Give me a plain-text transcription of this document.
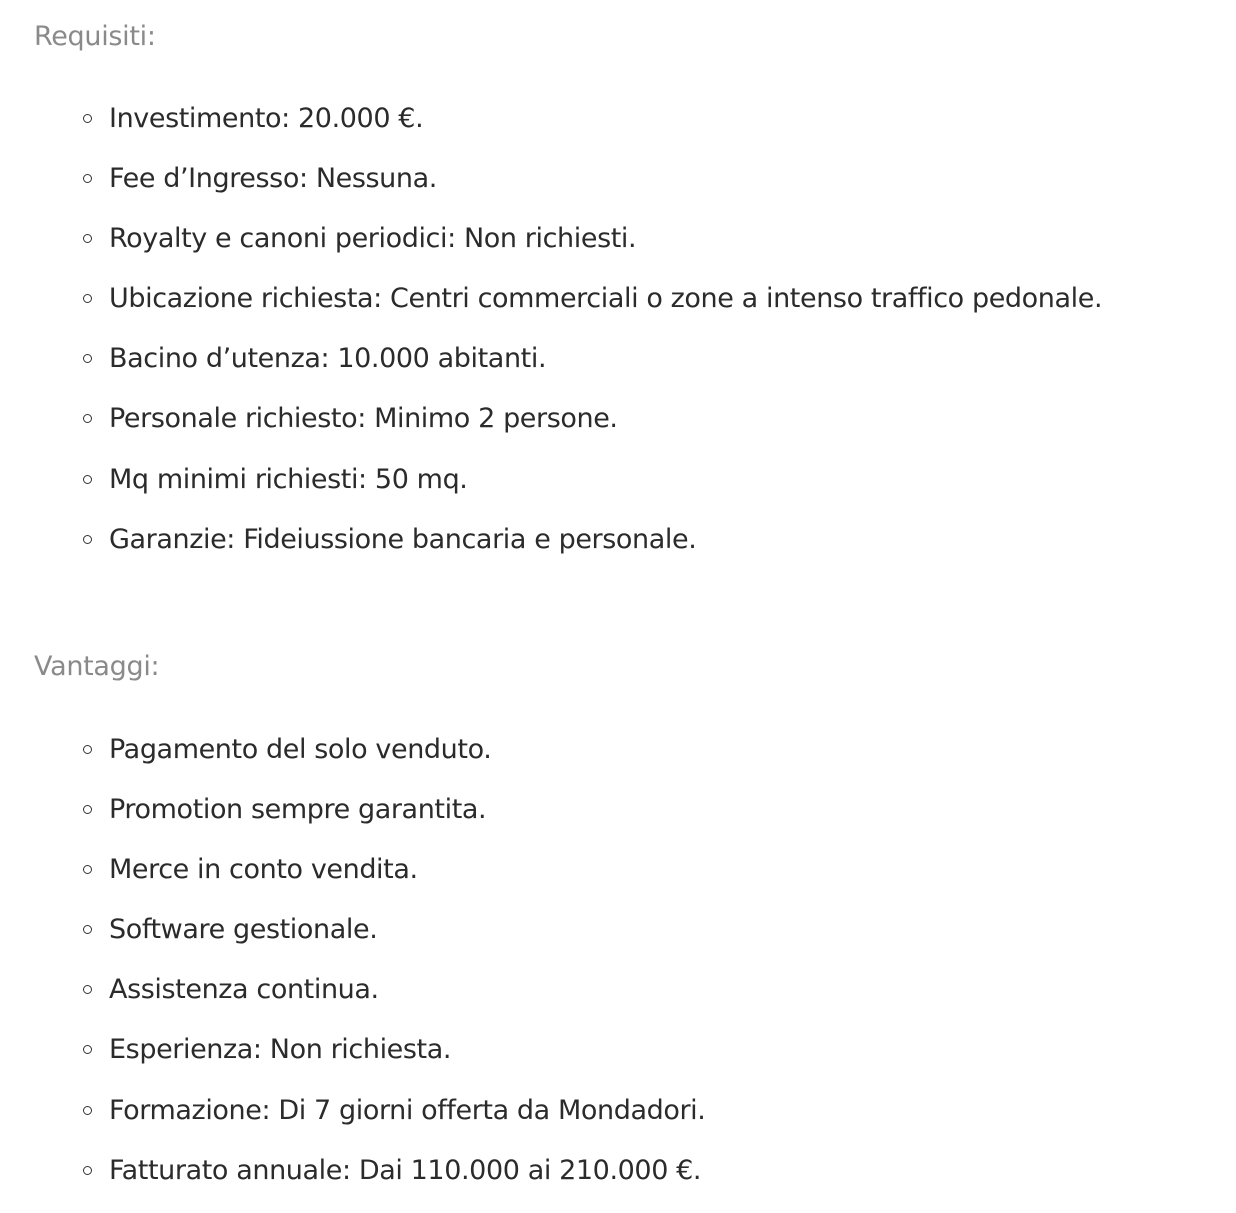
Requisiti:
Investimento: 20.000 €.
Fee d’Ingresso: Nessuna.
Royalty e canoni periodici: Non richiesti.
Ubicazione richiesta: Centri commerciali o zone a intenso traffico pedonale.
Bacino d’utenza: 10.000 abitanti.
Personale richiesto: Minimo 2 persone.
Mq minimi richiesti: 50 mq.
Garanzie: Fideiussione bancaria e personale.
Vantaggi:
Pagamento del solo venduto.
Promotion sempre garantita.
Merce in conto vendita.
Software gestionale.
Assistenza continua.
Esperienza: Non richiesta.
Formazione: Di 7 giorni offerta da Mondadori.
Fatturato annuale: Dai 110.000 ai 210.000 €.
